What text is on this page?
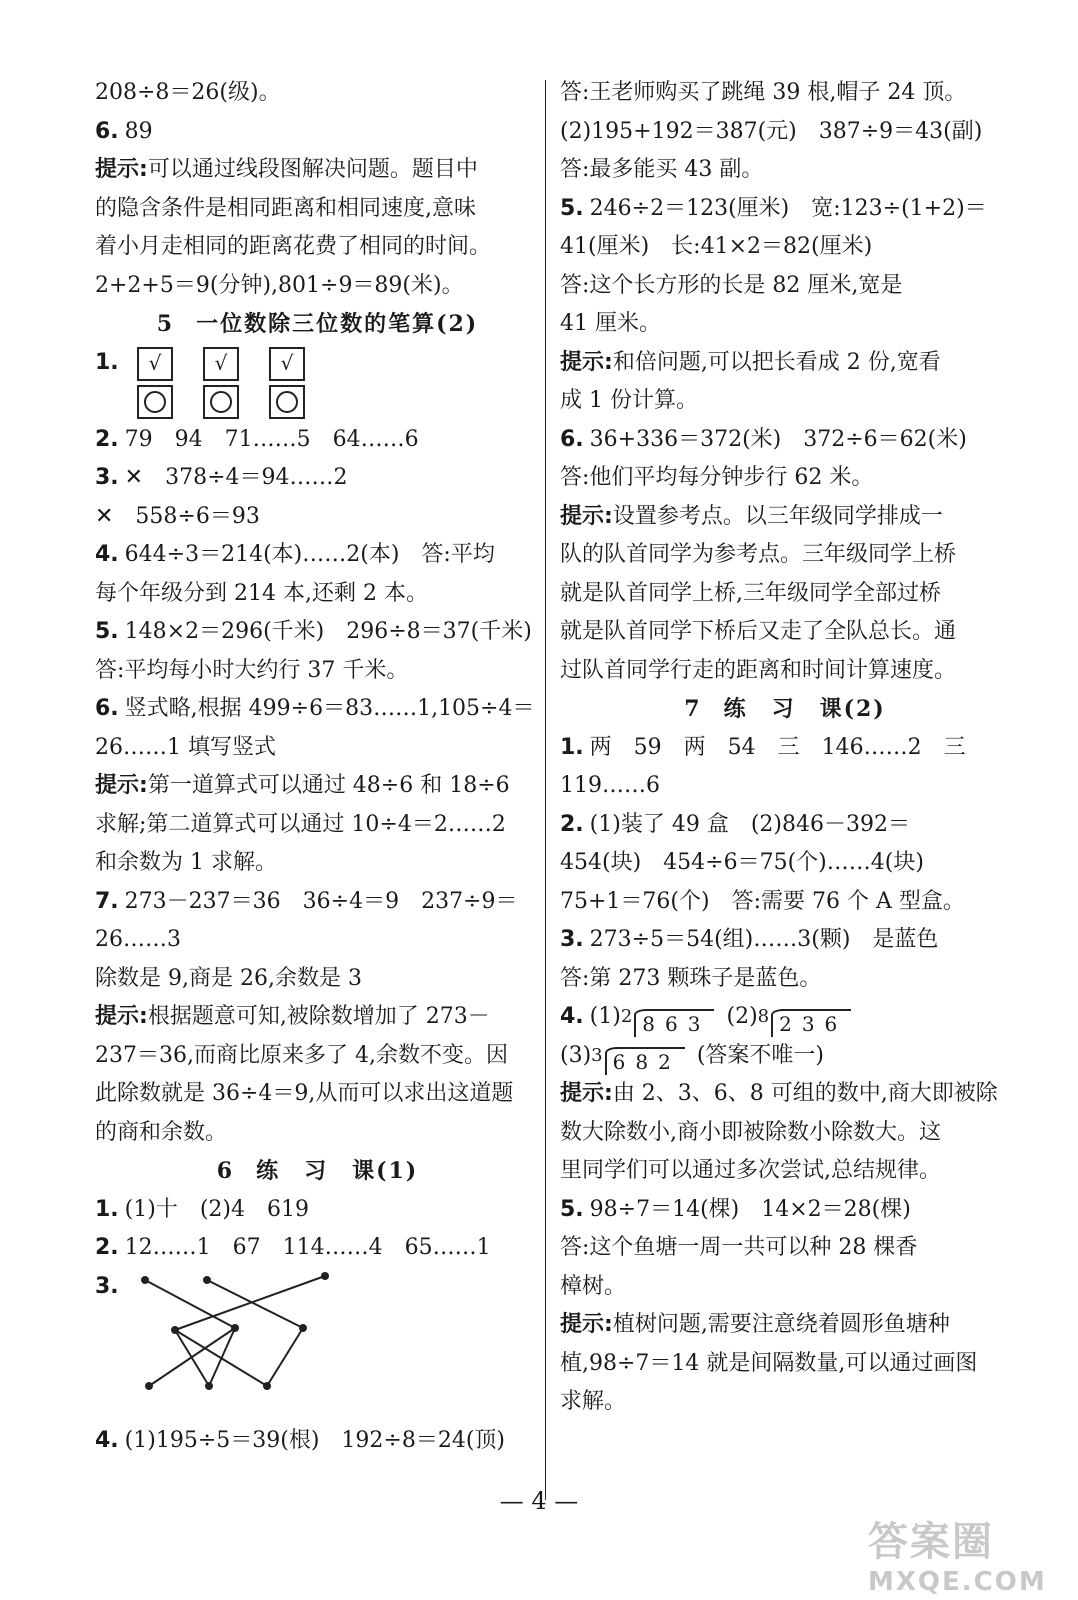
208÷8＝26(级)。
6. 89
提示:可以通过线段图解决问题。题目中
的隐含条件是相同距离和相同速度,意味
着小月走相同的距离花费了相同的时间。
2+2+5＝9(分钟),801÷9＝89(米)。
5 一位数除三位数的笔算(2)
1. √	√	√
2. 79　94　71……5　64……6
3. ✕　378÷4＝94……2
✕　558÷6＝93
4. 644÷3＝214(本)……2(本)　答:平均
每个年级分到 214 本,还剩 2 本。
5. 148×2＝296(千米)　296÷8＝37(千米)
答:平均每小时大约行 37 千米。
6. 竖式略,根据 499÷6＝83……1,105÷4＝
26……1 填写竖式
提示:第一道算式可以通过 48÷6 和 18÷6
求解;第二道算式可以通过 10÷4＝2……2
和余数为 1 求解。
7. 273－237＝36　36÷4＝9　237÷9＝
26……3
除数是 9,商是 26,余数是 3
提示:根据题意可知,被除数增加了 273－
237＝36,而商比原来多了 4,余数不变。因
此除数就是 36÷4＝9,从而可以求出这道题
的商和余数。
6 练　习　课(1)
1. (1)十　(2)4　619
2. 12……1　67　114……4　65……1
3.
4. (1)195÷5＝39(根)　192÷8＝24(顶)
答:王老师购买了跳绳 39 根,帽子 24 顶。
(2)195+192＝387(元)　387÷9＝43(副)
答:最多能买 43 副。
5. 246÷2＝123(厘米)　宽:123÷(1+2)＝
41(厘米)　长:41×2＝82(厘米)
答:这个长方形的长是 82 厘米,宽是
41 厘米。
提示:和倍问题,可以把长看成 2 份,宽看
成 1 份计算。
6. 36+336＝372(米)　372÷6＝62(米)
答:他们平均每分钟步行 62 米。
提示:设置参考点。以三年级同学排成一
队的队首同学为参考点。三年级同学上桥
就是队首同学上桥,三年级同学全部过桥
就是队首同学下桥后又走了全队总长。通
过队首同学行走的距离和时间计算速度。
7 练　习　课(2)
1. 两　59　两　54　三　146……2　三
119……6
2. (1)装了 49 盒　(2)846－392＝
454(块)　454÷6＝75(个)……4(块)
75+1＝76(个)　答:需要 76 个 A 型盒。
3. 273÷5＝54(组)……3(颗)　是蓝色
答:第 273 颗珠子是蓝色。
4. (1) 2 863 (2) 8 236
(3) 3 682 (答案不唯一)
提示:由 2、3、6、8 可组的数中,商大即被除
数大除数小,商小即被除数小除数大。这
里同学们可以通过多次尝试,总结规律。
5. 98÷7＝14(棵)　14×2＝28(棵)
答:这个鱼塘一周一共可以种 28 棵香
樟树。
提示:植树问题,需要注意绕着圆形鱼塘种
植,98÷7＝14 就是间隔数量,可以通过画图
求解。
— 4 —
答案圈
MXQE.COM
